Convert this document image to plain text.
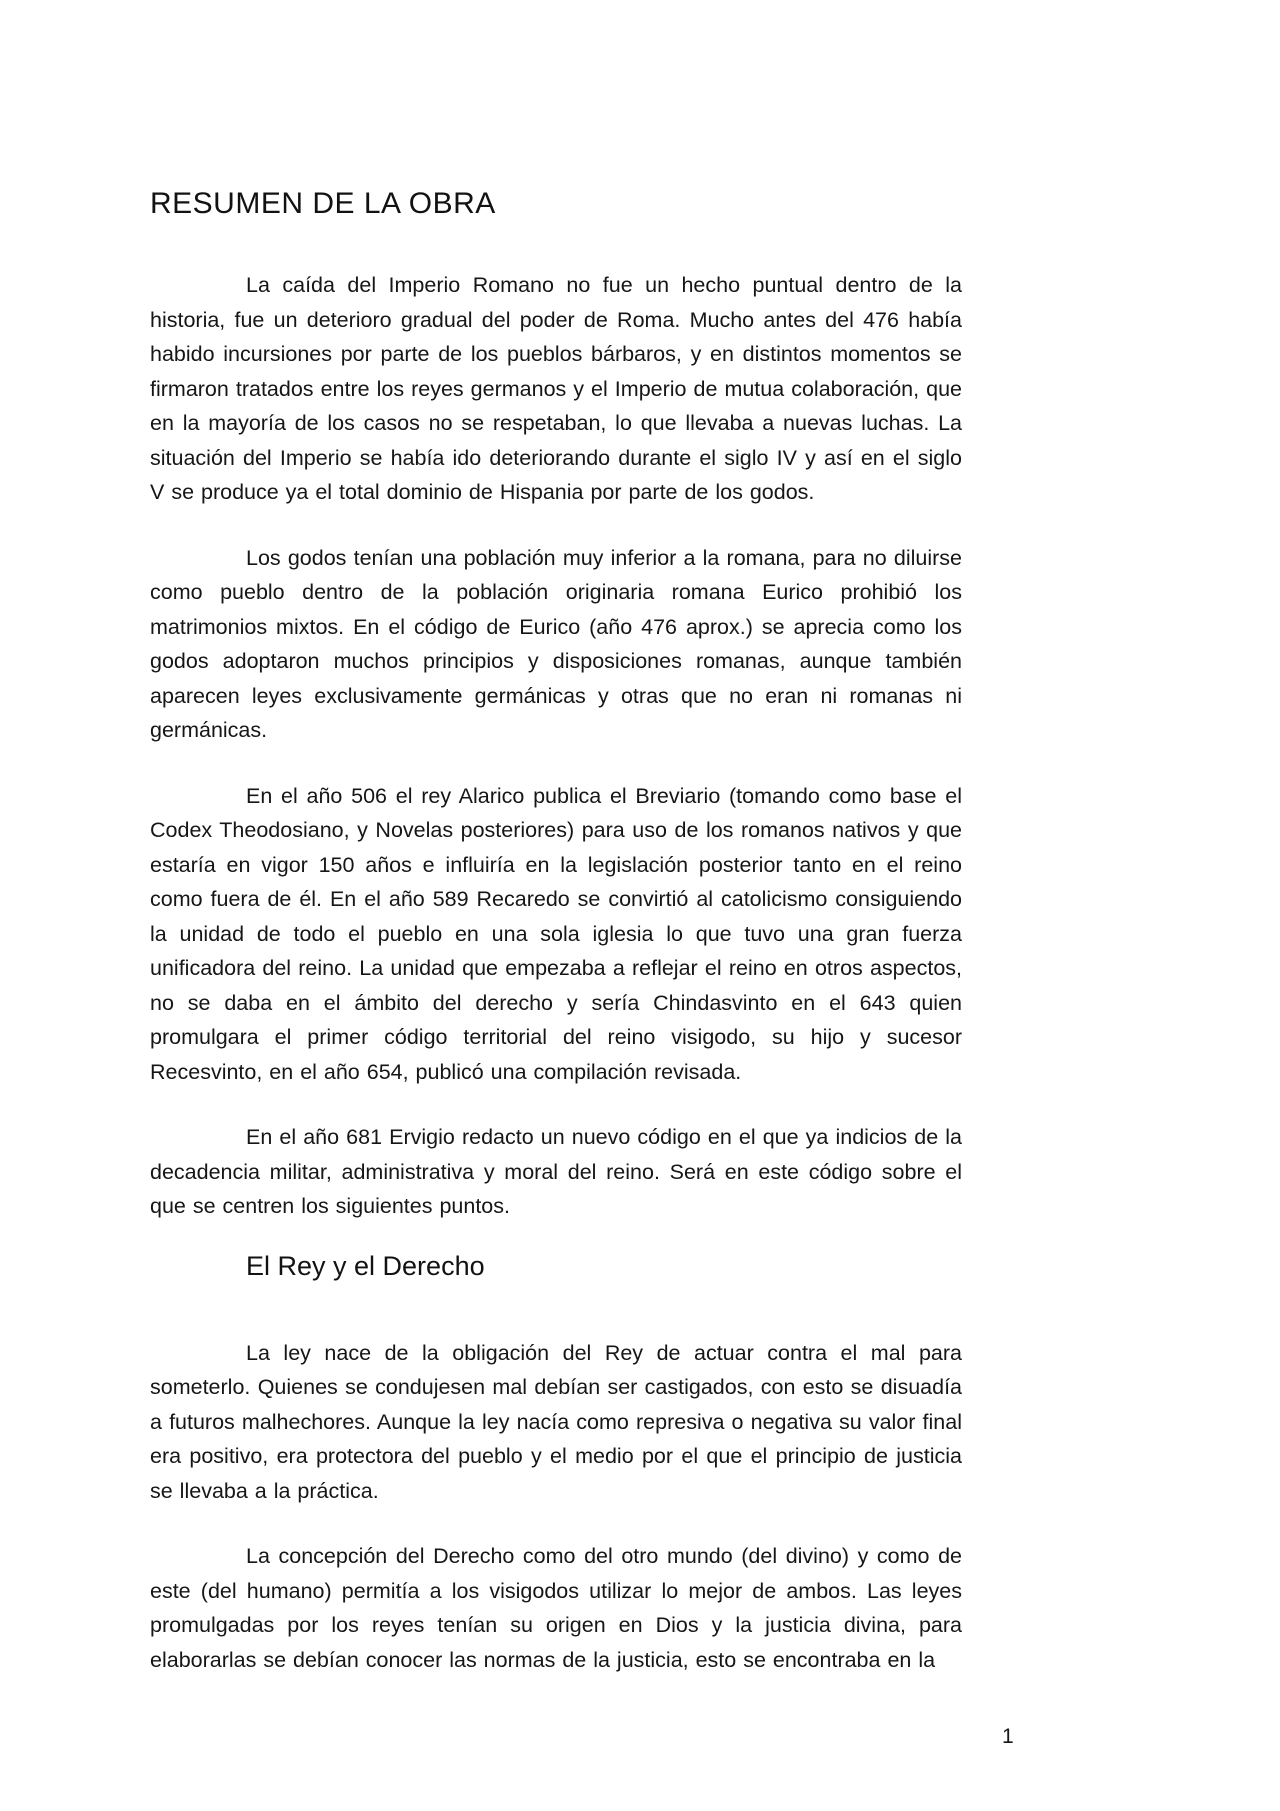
RESUMEN DE LA OBRA

La caída del Imperio Romano no fue un hecho puntual dentro de la historia, fue un deterioro gradual del poder de Roma. Mucho antes del 476 había habido incursiones por parte de los pueblos bárbaros, y en distintos momentos se firmaron tratados entre los reyes germanos y el Imperio de mutua colaboración, que en la mayoría de los casos no se respetaban, lo que llevaba a nuevas luchas. La situación del Imperio se había ido deteriorando durante el siglo IV y así en el siglo V se produce ya el total dominio de Hispania por parte de los godos.

Los godos tenían una población muy inferior a la romana, para no diluirse como pueblo dentro de la población originaria romana Eurico prohibió los matrimonios mixtos. En el código de Eurico (año 476 aprox.) se aprecia como los godos adoptaron muchos principios y disposiciones romanas, aunque también aparecen leyes exclusivamente germánicas y otras que no eran ni romanas ni germánicas.

En el año 506 el rey Alarico publica el Breviario (tomando como base el Codex Theodosiano, y Novelas posteriores) para uso de los romanos nativos y que estaría en vigor 150 años e influiría en la legislación posterior tanto en el reino como fuera de él. En el año 589 Recaredo se convirtió al catolicismo consiguiendo la unidad de todo el pueblo en una sola iglesia lo que tuvo una gran fuerza unificadora del reino. La unidad que empezaba a reflejar el reino en otros aspectos, no se daba en el ámbito del derecho y sería Chindasvinto en el 643 quien promulgara el primer código territorial del reino visigodo, su hijo y sucesor Recesvinto, en el año 654, publicó una compilación revisada.

En el año 681 Ervigio redacto un nuevo código en el que ya indicios de la decadencia militar, administrativa y moral del reino. Será en este código sobre el que se centren los siguientes puntos.

El Rey y el Derecho

La ley nace de la obligación del Rey de actuar contra el mal para someterlo. Quienes se condujesen mal debían ser castigados, con esto se disuadía a futuros malhechores. Aunque la ley nacía como represiva o negativa su valor final era positivo, era protectora del pueblo y el medio por el que el principio de justicia se llevaba a la práctica.

La concepción del Derecho como del otro mundo (del divino) y como de este (del humano) permitía a los visigodos utilizar lo mejor de ambos. Las leyes promulgadas por los reyes tenían su origen en Dios y la justicia divina, para elaborarlas se debían conocer las normas de la justicia, esto se encontraba en la

1
